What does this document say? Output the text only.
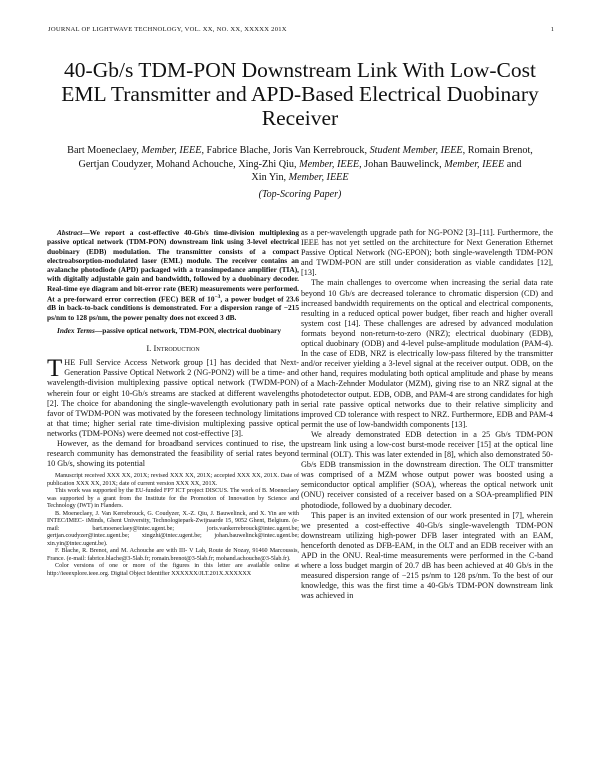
JOURNAL OF LIGHTWAVE TECHNOLOGY, VOL. XX, NO. XX, XXXXX 201X	1
40-Gb/s TDM-PON Downstream Link With Low-Cost EML Transmitter and APD-Based Electrical Duobinary Receiver
Bart Moeneclaey, Member, IEEE, Fabrice Blache, Joris Van Kerrebrouck, Student Member, IEEE, Romain Brenot,
Gertjan Coudyzer, Mohand Achouche, Xing-Zhi Qiu, Member, IEEE, Johan Bauwelinck, Member, IEEE and
Xin Yin, Member, IEEE
(Top-Scoring Paper)

Abstract—We report a cost-effective 40-Gb/s time-division multiplexing passive optical network (TDM-PON) downstream link using 3-level electrical duobinary (EDB) modulation. The transmitter consists of a compact electroabsorption-modulated laser (EML) module. The receiver contains an avalanche photodiode (APD) packaged with a transimpedance amplifier (TIA), with digitally adjustable gain and bandwidth, followed by a duobinary decoder. Real-time eye diagram and bit-error rate (BER) measurements were performed. At a pre-forward error correction (FEC) BER of $10^{-3}$, a power budget of 23.6 dB in back-to-back conditions is demonstrated. For a dispersion range of −215 ps/nm to 128 ps/nm, the power penalty does not exceed 3 dB.

Index Terms—passive optical network, TDM-PON, electrical duobinary

I. Introduction

THE Full Service Access Network group [1] has decided that Next-Generation Passive Optical Network 2 (NG-PON2) will be a time- and wavelength-division multiplexing passive optical network (TWDM-PON) wherein four or eight 10-Gb/s streams are stacked at different wavelengths [2]. The choice for abandoning the single-wavelength evolutionary path in favor of TWDM-PON was motivated by the foreseen technology limitations at that time; higher serial rate time-division multiplexing passive optical networks (TDM-PONs) were deemed not cost-effective [3].

However, as the demand for broadband services continued to rise, the research community has demonstrated the feasibility of serial rates beyond 10 Gb/s, showing its potential

Manuscript received XXX XX, 201X; revised XXX XX, 201X; accepted XXX XX, 201X. Date of publication XXX XX, 201X; date of current version XXX XX, 201X.

This work was supported by the EU-funded FP7 ICT project DISCUS. The work of B. Moeneclaey was supported by a grant from the Institute for the Promotion of Innovation by Science and Technology (IWT) in Flanders.

B. Moeneclaey, J. Van Kerrebrouck, G. Coudyzer, X.-Z. Qiu, J. Bauwelinck, and X. Yin are with INTEC/IMEC- iMinds, Ghent University, Technologiepark-Zwijnaarde 15, 9052 Ghent, Belgium. (e-mail: bart.moeneclaey@intec.ugent.be; joris.vankerrebrouck@intec.ugent.be; gertjan.coudyzer@intec.ugent.be; xingzhi@intec.ugent.be; johan.bauwelinck@intec.ugent.be; xin.yin@intec.ugent.be).

F. Blache, R. Brenot, and M. Achouche are with III- V Lab, Route de Nozay, 91460 Marcoussis, France. (e-mail: fabrice.blache@3-5lab.fr; romain.brenot@3-5lab.fr; mohand.achouche@3-5lab.fr).

Color versions of one or more of the figures in this letter are available online at http://ieeexplore.ieee.org. Digital Object Identifier XXXXXX/JLT.201X.XXXXXX

as a per-wavelength upgrade path for NG-PON2 [3]–[11]. Furthermore, the IEEE has not yet settled on the architecture for Next Generation Ethernet Passive Optical Network (NG-EPON); both single-wavelength TDM-PON and TWDM-PON are still under consideration as viable candidates [12], [13].

The main challenges to overcome when increasing the serial data rate beyond 10 Gb/s are decreased tolerance to chromatic dispersion (CD) and increased bandwidth requirements on the optical and electrical components, resulting in a reduced optical power budget, fiber reach and higher overall system cost [14]. These challenges are adresed by advanced modulation formats beyond non-return-to-zero (NRZ); electrical duobinary (EDB), optical duobinary (ODB) and 4-level pulse-amplitude modulation (PAM-4). In the case of EDB, NRZ is electrically low-pass filtered by the transmitter and/or receiver yielding a 3-level signal at the receiver output. ODB, on the other hand, requires modulating both optical amplitude and phase by means of a Mach-Zehnder Modulator (MZM), giving rise to an NRZ signal at the photodetector output. EDB, ODB, and PAM-4 are strong candidates for high serial rate passive optical networks due to their relative simplicity and improved CD tolerance with respect to NRZ. Furthermore, EDB and PAM-4 permit the use of low-bandwidth components [13].

We already demonstrated EDB detection in a 25 Gb/s TDM-PON upstream link using a low-cost burst-mode receiver [15] at the optical line terminal (OLT). This was later extended in [8], which also demonstrated 50-Gb/s EDB transmission in the downstream direction. The OLT transmitter was comprised of a MZM whose output power was boosted using a semiconductor optical amplifier (SOA), whereas the optical network unit (ONU) receiver consisted of a receiver based on a SOA-preamplified PIN photodiode, followed by a duobinary decoder.

This paper is an invited extension of our work presented in [7], wherein we presented a cost-effective 40-Gb/s single-wavelength TDM-PON downstream utilizing high-power DFB laser integrated with an EAM, henceforth denoted as DFB-EAM, in the OLT and an EDB receiver with an APD in the ONU. Real-time measurements were performed in the C-band where a loss budget margin of 20.7 dB has been achieved at 40 Gb/s in the measured dispersion range of −215 ps/nm to 128 ps/nm. To the best of our knowledge, this was the first time a 40-Gb/s TDM-PON downstream link was achieved in
